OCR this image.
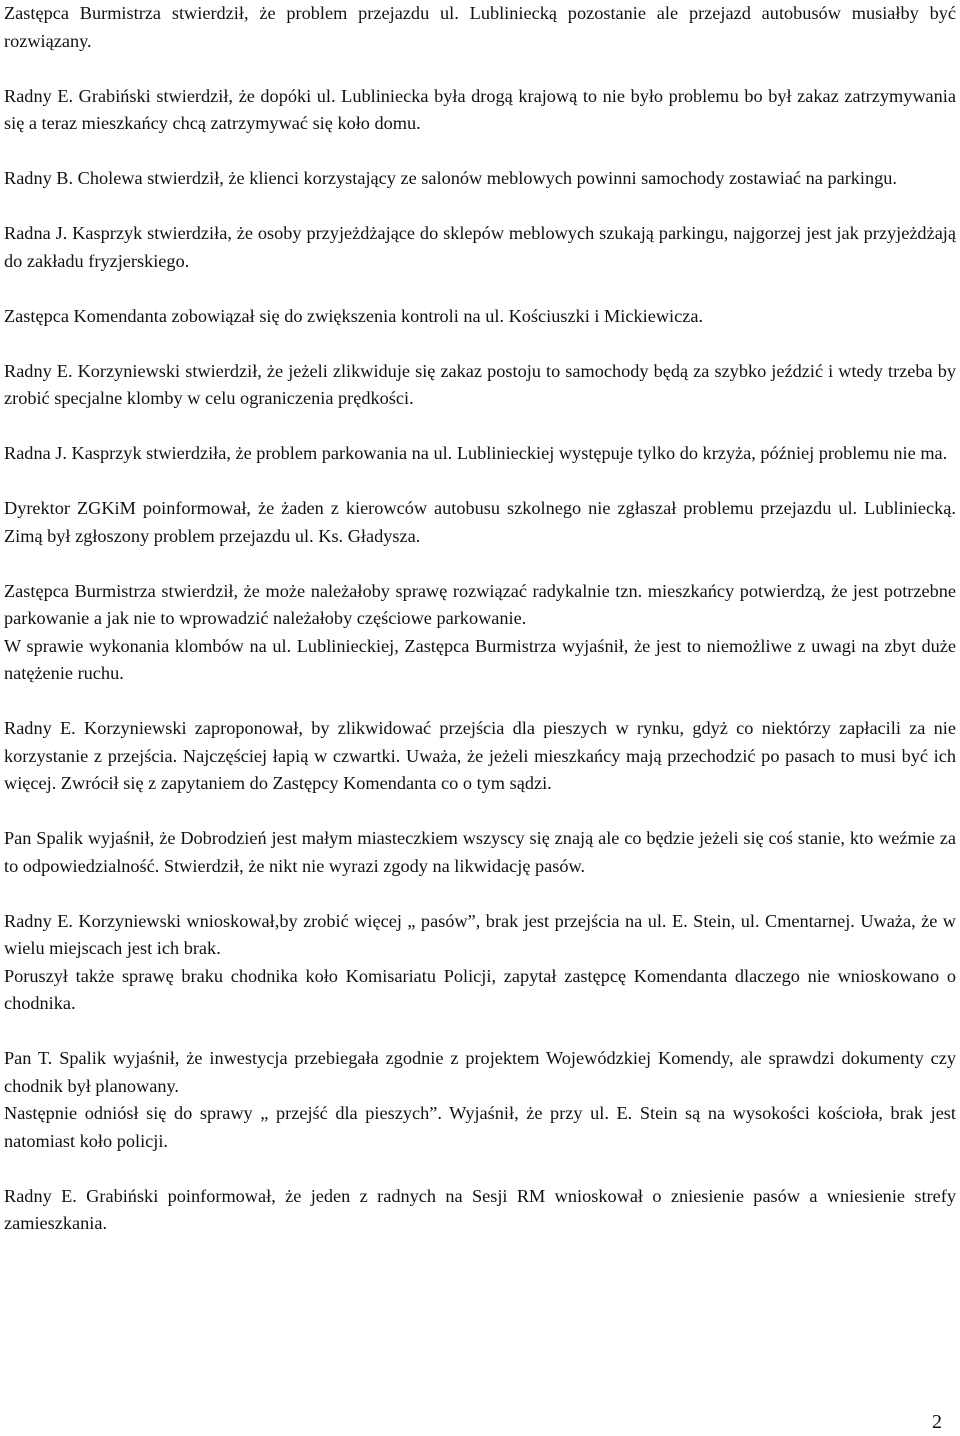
Zastępca Burmistrza stwierdził, że problem przejazdu ul. Lubliniecką pozostanie ale przejazd autobusów musiałby być rozwiązany.

Radny E. Grabiński stwierdził, że dopóki ul. Lubliniecka była drogą krajową to nie było problemu bo był zakaz zatrzymywania się a teraz mieszkańcy chcą zatrzymywać się koło domu.

Radny B. Cholewa stwierdził, że klienci korzystający ze salonów meblowych powinni samochody zostawiać na parkingu.

Radna J. Kasprzyk stwierdziła, że osoby przyjeżdżające do sklepów meblowych szukają parkingu, najgorzej jest jak przyjeżdżają do zakładu fryzjerskiego.

Zastępca Komendanta zobowiązał się do zwiększenia kontroli na ul. Kościuszki i Mickiewicza.

Radny E. Korzyniewski stwierdził, że jeżeli zlikwiduje się zakaz postoju to samochody będą za szybko jeździć i wtedy trzeba by zrobić specjalne klomby w celu ograniczenia prędkości.

Radna J. Kasprzyk stwierdziła, że problem parkowania na ul. Lublinieckiej występuje tylko do krzyża, później problemu nie ma.

Dyrektor ZGKiM poinformował, że żaden z kierowców autobusu szkolnego nie zgłaszał problemu przejazdu ul. Lubliniecką. Zimą był zgłoszony problem przejazdu ul. Ks. Gładysza.

Zastępca Burmistrza stwierdził, że może należałoby sprawę rozwiązać radykalnie tzn. mieszkańcy potwierdzą, że jest potrzebne parkowanie a jak nie to wprowadzić należałoby częściowe parkowanie.

W sprawie wykonania klombów na ul. Lublinieckiej, Zastępca Burmistrza wyjaśnił, że jest to niemożliwe z uwagi na zbyt duże natężenie ruchu.

Radny E. Korzyniewski zaproponował, by zlikwidować przejścia dla pieszych w rynku, gdyż co niektórzy zapłacili za nie korzystanie z przejścia. Najczęściej łapią w czwartki. Uważa, że jeżeli mieszkańcy mają przechodzić po pasach to musi być ich więcej. Zwrócił się z zapytaniem do Zastępcy Komendanta co o tym sądzi.

Pan Spalik wyjaśnił, że Dobrodzień jest małym miasteczkiem wszyscy się znają ale co będzie jeżeli się coś stanie, kto weźmie za to odpowiedzialność. Stwierdził, że nikt nie wyrazi zgody na likwidację pasów.

Radny E. Korzyniewski wnioskował,by zrobić więcej „ pasów”, brak jest przejścia na ul. E. Stein, ul. Cmentarnej. Uważa, że w wielu miejscach jest ich brak.

Poruszył także sprawę braku chodnika koło Komisariatu Policji, zapytał zastępcę Komendanta dlaczego nie wnioskowano o chodnika.

Pan T. Spalik wyjaśnił, że inwestycja przebiegała zgodnie z projektem Wojewódzkiej Komendy, ale sprawdzi dokumenty czy chodnik był planowany.

Następnie odniósł się do sprawy „ przejść dla pieszych”. Wyjaśnił, że przy ul. E. Stein są na wysokości kościoła, brak jest natomiast koło policji.

Radny E. Grabiński poinformował, że jeden z radnych na Sesji RM wnioskował o zniesienie pasów a wniesienie strefy zamieszkania.

2
